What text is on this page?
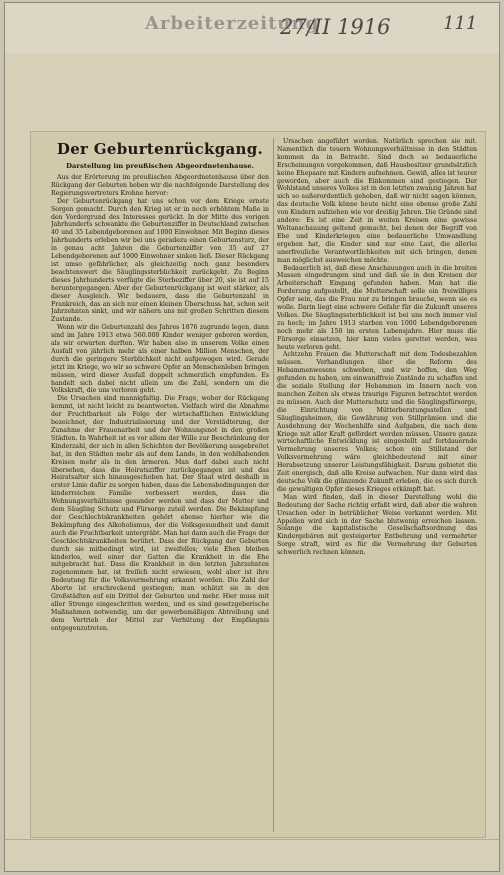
Arbeiterzeitung
27/II 1916	111
Der Geburtenrückgang.
Darstellung im preußischen Abgeordnetenhause.

Aus der Erörterung im preußischen Abgeordnetenhause über den Rückgang der Geburten heben wir die nachfolgende Darstellung des Regierungsvertreters Krohne hervor:

Der Geburtenrückgang hat uns schon vor dem Kriege ernste Sorgen gemacht. Durch den Krieg ist er in noch erhöhtem Maße in den Vordergrund des Interesses gerückt. In der Mitte des vorigen Jahrhunderts schwankte die Geburtenziffer in Deutschland zwischen 40 und 35 Lebendgeborenen auf 1000 Einwohner. Mit Beginn dieses Jahrhunderts erleben wir bei uns geradezu einen Geburtensturz, der in genau acht Jahren die Geburtenziffer von 35 auf 27 Lebendgeborenen auf 1000 Einwohner sinken ließ. Dieser Rückgang ist umso gefährlicher, als gleichzeitig noch ganz besonders beachtenswert die Säuglingssterblichkeit zurückgeht. Zu Beginn dieses Jahrhunderts verfügte die Sterbeziffer über 20, sie ist auf 15 heruntergegangen. Aber der Geburtenrückgang ist weit stärker, als dieser Ausgleich. Wir bedauern, dass die Geburtenzahl in Frankreich, das an sich nur einen kleinen Überschuss hat, schon seit Jahrzehnten sinkt, und wir nähern uns mit großen Schritten diesem Zustande.

Wenn wir die Geburtenzahl des Jahres 1876 zugrunde legen, dann sind im Jahre 1913 etwa 560.000 Kinder weniger geboren worden, als wir erwarten durften. Wir haben also in unserem Volke einen Ausfall von jährlich mehr als einer halben Million Menschen, der durch die geringere Sterblichkeit nicht aufgewogen wird. Gerade jetzt im Kriege, wo wir so schwere Opfer an Menschenleben bringen müssen, wird dieser Ausfall doppelt schmerzlich empfunden. Es handelt sich dabei nicht allein um die Zahl, sondern um die Volkskraft, die uns verloren geht.

Die Ursachen sind mannigfaltig. Die Frage, woher der Rückgang kommt, ist nicht leicht zu beantworten. Vielfach wird die Abnahme der Fruchtbarkeit als Folge der wirtschaftlichen Entwicklung bezeichnet, der Industrialisierung und der Verstädterung, der Zunahme der Frauenarbeit und der Wohnungsnot in den großen Städten. In Wahrheit ist es vor allem der Wille zur Beschränkung der Kinderzahl, der sich in allen Schichten der Bevölkerung ausgebreitet hat, in den Städten mehr als auf dem Lande, in den wohlhabenden Kreisen mehr als in den ärmeren. Man darf dabei auch nicht übersehen, dass die Heiratsziffer zurückgegangen ist und das Heiratsalter sich hinausgeschoben hat. Der Staat wird deshalb in erster Linie dafür zu sorgen haben, dass die Lebensbedingungen der kinderreichen Familie verbessert werden, dass die Wohnungsverhältnisse gesunder werden und dass der Mutter und dem Säugling Schutz und Fürsorge zuteil werden. Die Bekämpfung der Geschlechtskrankheiten gehört ebenso hierher wie die Bekämpfung des Alkoholismus, der die Volksgesundheit und damit auch die Fruchtbarkeit untergräbt. Man hat dann auch die Frage der Geschlechtskrankheiten berührt. Dass der Rückgang der Geburten durch sie mitbedingt wird, ist zweifellos; viele Ehen bleiben kinderlos, weil einer der Gatten die Krankheit in die Ehe mitgebracht hat. Dass die Krankheit in den letzten Jahrzehnten zugenommen hat, ist freilich nicht erwiesen, wohl aber ist ihre Bedeutung für die Volksvermehrung erkannt worden. Die Zahl der Aborte ist erschreckend gestiegen; man schätzt sie in den Großstädten auf ein Drittel der Geburten und mehr. Hier muss mit aller Strenge eingeschritten werden, und es sind gesetzgeberische Maßnahmen notwendig, um der gewerbsmäßigen Abtreibung und dem Vertrieb der Mittel zur Verhütung der Empfängnis entgegenzutreten.

Ursachen angeführt worden. Natürlich sprechen sie mit. Namentlich die teuern Wohnungsverhältnisse in den Städten kommen da in Betracht. Sind doch so bedauerliche Erscheinungen vorgekommen, daß Hausbesitzer grundsätzlich keine Ehepaare mit Kindern aufnehmen. Gewiß, alles ist teurer geworden, aber auch die Einkommen sind gestiegen. Der Wohlstand unseres Volkes ist in den letzten zwanzig Jahren hat sich so außerordentlich gehoben, daß wir nicht sagen können, das deutsche Volk könne heute nicht eine ebenso große Zahl von Kindern aufziehen wie vor dreißig Jahren. Die Gründe sind andere: Es ist eine Zeit in weiten Kreisen eine gewisse Weltanschauung geltend gemacht, bei denen der Begriff von Ehe und Kinderkriegen eine bedauerliche Umwandlung ergeben hat, die Kinder sind nur eine Last, die allerlei unerfreuliche Verantwortlichkeiten mit sich bringen, denen man möglichst ausweichen möchte.

Bedauerlich ist, daß diese Anschauungen auch in die breiten Massen eingedrungen sind und daß sie in den Kreisen der Arbeiterschaft Eingang gefunden haben. Man hat die Forderung aufgestellt, die Mutterschaft solle ein freiwilliges Opfer sein, das die Frau nur zu bringen brauche, wenn sie es wolle. Darin liegt eine schwere Gefahr für die Zukunft unseres Volkes. Die Säuglingssterblichkeit ist bei uns noch immer viel zu hoch; im Jahre 1913 starben von 1000 Lebendgeborenen noch mehr als 150 im ersten Lebensjahre. Hier muss die Fürsorge einsetzen, hier kann vieles gerettet werden, was heute verloren geht.

Achtzehn Frauen die Mutterschaft mit dem Todesbezahlen müssen. Verhandlungen über die Reform des Hebammenwesens schweben, und wir hoffen, den Weg gefunden zu haben, um einwandfreie Zustände zu schaffen und die soziale Stellung der Hebammen im Innern noch von manchen Zeiten als etwas traurige Figuren betrachtet werden zu müssen. Auch der Mutterschutz und die Säuglingsfürsorge, die Einrichtung von Mütterberatungsstellen und Säuglingsheimen, die Gewährung von Stillprämien und die Ausdehnung der Wochenhilfe sind Aufgaben, die nach dem Kriege mit aller Kraft gefördert werden müssen. Unsere ganze wirtschaftliche Entwicklung ist eingestellt auf fortdauernde Vermehrung unseres Volkes; schon ein Stillstand der Volksvermehrung wäre gleichbedeutend mit einer Herabsetzung unserer Leistungsfähigkeit. Darum gebietet die Zeit energisch, daß alle Kreise aufwachen. Nur dann wird das deutsche Volk die glänzende Zukunft erleben, die es sich durch die gewaltigen Opfer dieses Krieges erkämpft hat.

Man wird finden, daß in dieser Darstellung wohl die Bedeutung der Sache richtig erfaßt wird, daß aber die wahren Ursachen oder in betrüblicher Weise verkannt werden. Mit Appellen wird sich in der Sache blutwenig erreichen lassen. Solange die kapitalistische Gesellschaftsordnung das Kindergebären mit gesteigerter Entbehrung und vermehrter Sorge straft, wird es für die Vermehrung der Geburten schwerlich rechnen können.
